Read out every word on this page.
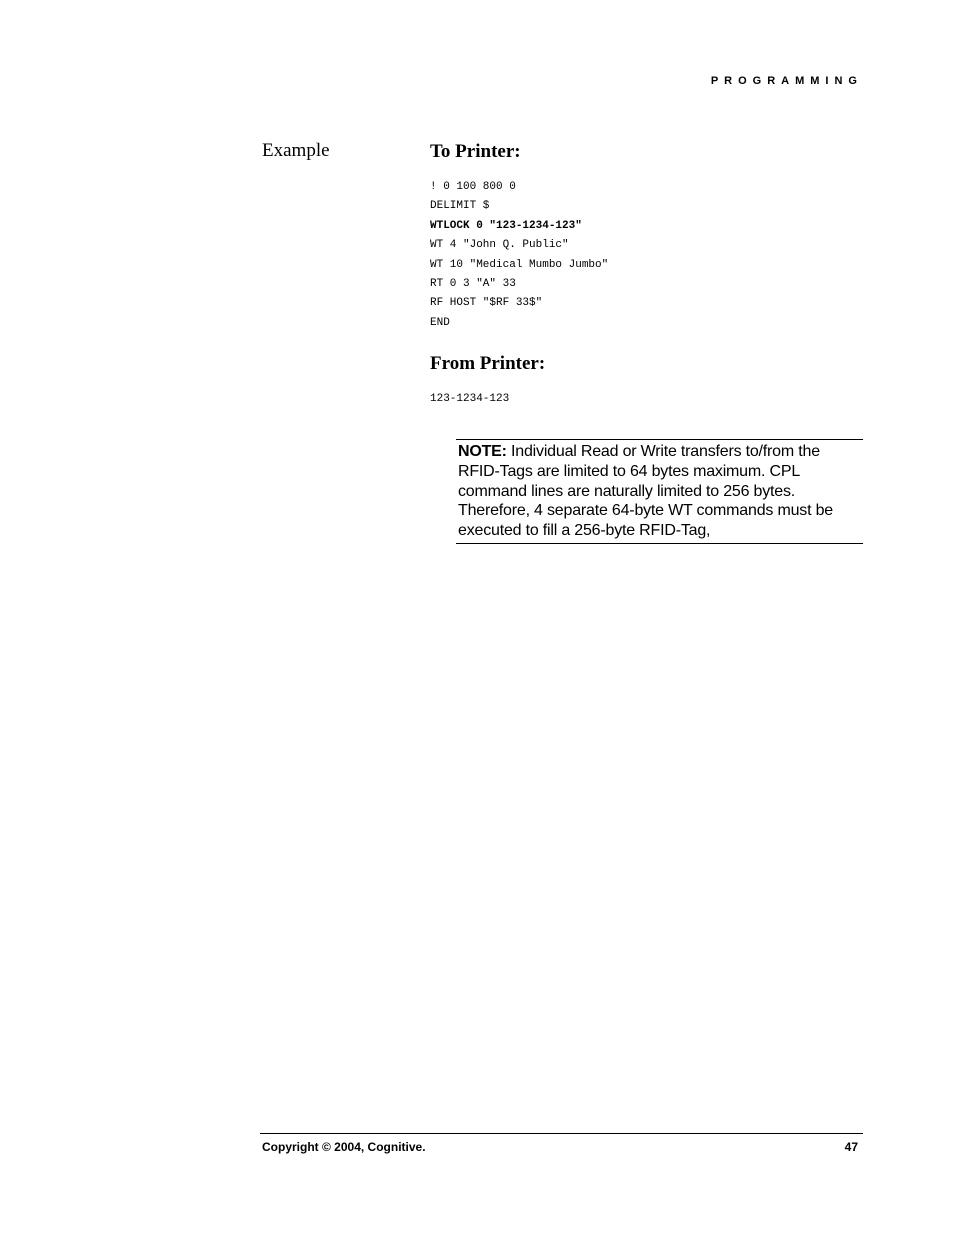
PROGRAMMING
Example	To Printer:
! 0 100 800 0
DELIMIT $
WTLOCK 0 "123-1234-123"
WT 4 "John Q. Public"
WT 10 "Medical Mumbo Jumbo"
RT 0 3 "A" 33
RF HOST "$RF 33$"
END
From Printer:
123-1234-123
NOTE: Individual Read or Write transfers to/from the RFID-Tags are limited to 64 bytes maximum. CPL command lines are naturally limited to 256 bytes. Therefore, 4 separate 64-byte WT commands must be executed to fill a 256-byte RFID-Tag,
Copyright © 2004, Cognitive.	47
